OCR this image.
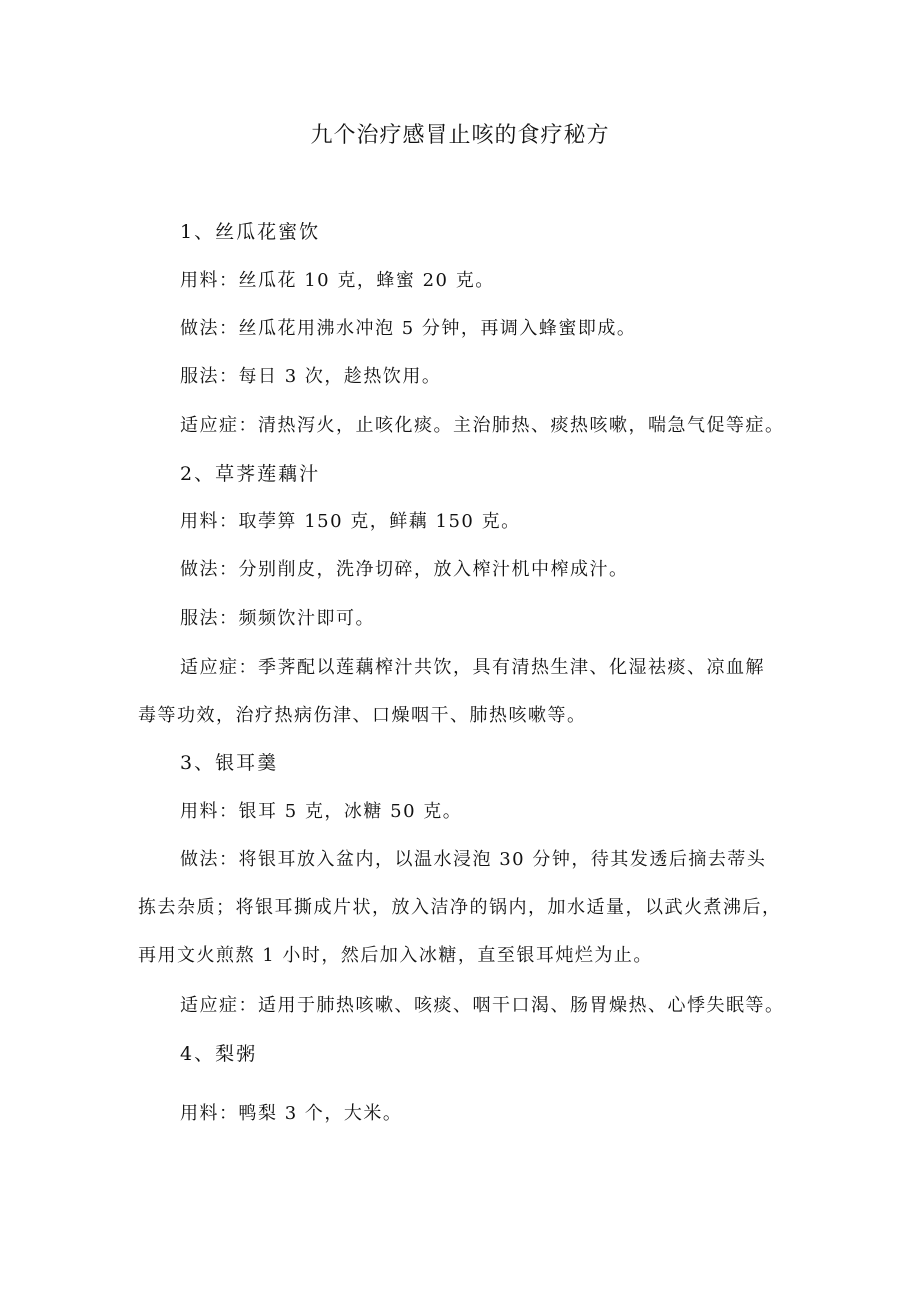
九个治疗感冒止咳的食疗秘方
1、丝瓜花蜜饮
用料：丝瓜花 10 克，蜂蜜 20 克。
做法：丝瓜花用沸水冲泡 5 分钟，再调入蜂蜜即成。
服法：每日 3 次，趁热饮用。
适应症：清热泻火，止咳化痰。主治肺热、痰热咳嗽，喘急气促等症。
2、草荠莲藕汁
用料：取荸箅 150 克，鲜藕 150 克。
做法：分别削皮，洗净切碎，放入榨汁机中榨成汁。
服法：频频饮汁即可。
适应症：季荠配以莲藕榨汁共饮，具有清热生津、化湿祛痰、凉血解
毒等功效，治疗热病伤津、口燥咽干、肺热咳嗽等。
3、银耳羹
用料：银耳 5 克，冰糖 50 克。
做法：将银耳放入盆内，以温水浸泡 30 分钟，待其发透后摘去蒂头
拣去杂质；将银耳撕成片状，放入洁净的锅内，加水适量，以武火煮沸后，
再用文火煎熬 1 小时，然后加入冰糖，直至银耳炖烂为止。
适应症：适用于肺热咳嗽、咳痰、咽干口渴、肠胃燥热、心悸失眠等。
4、梨粥
用料：鸭梨 3 个，大米。
